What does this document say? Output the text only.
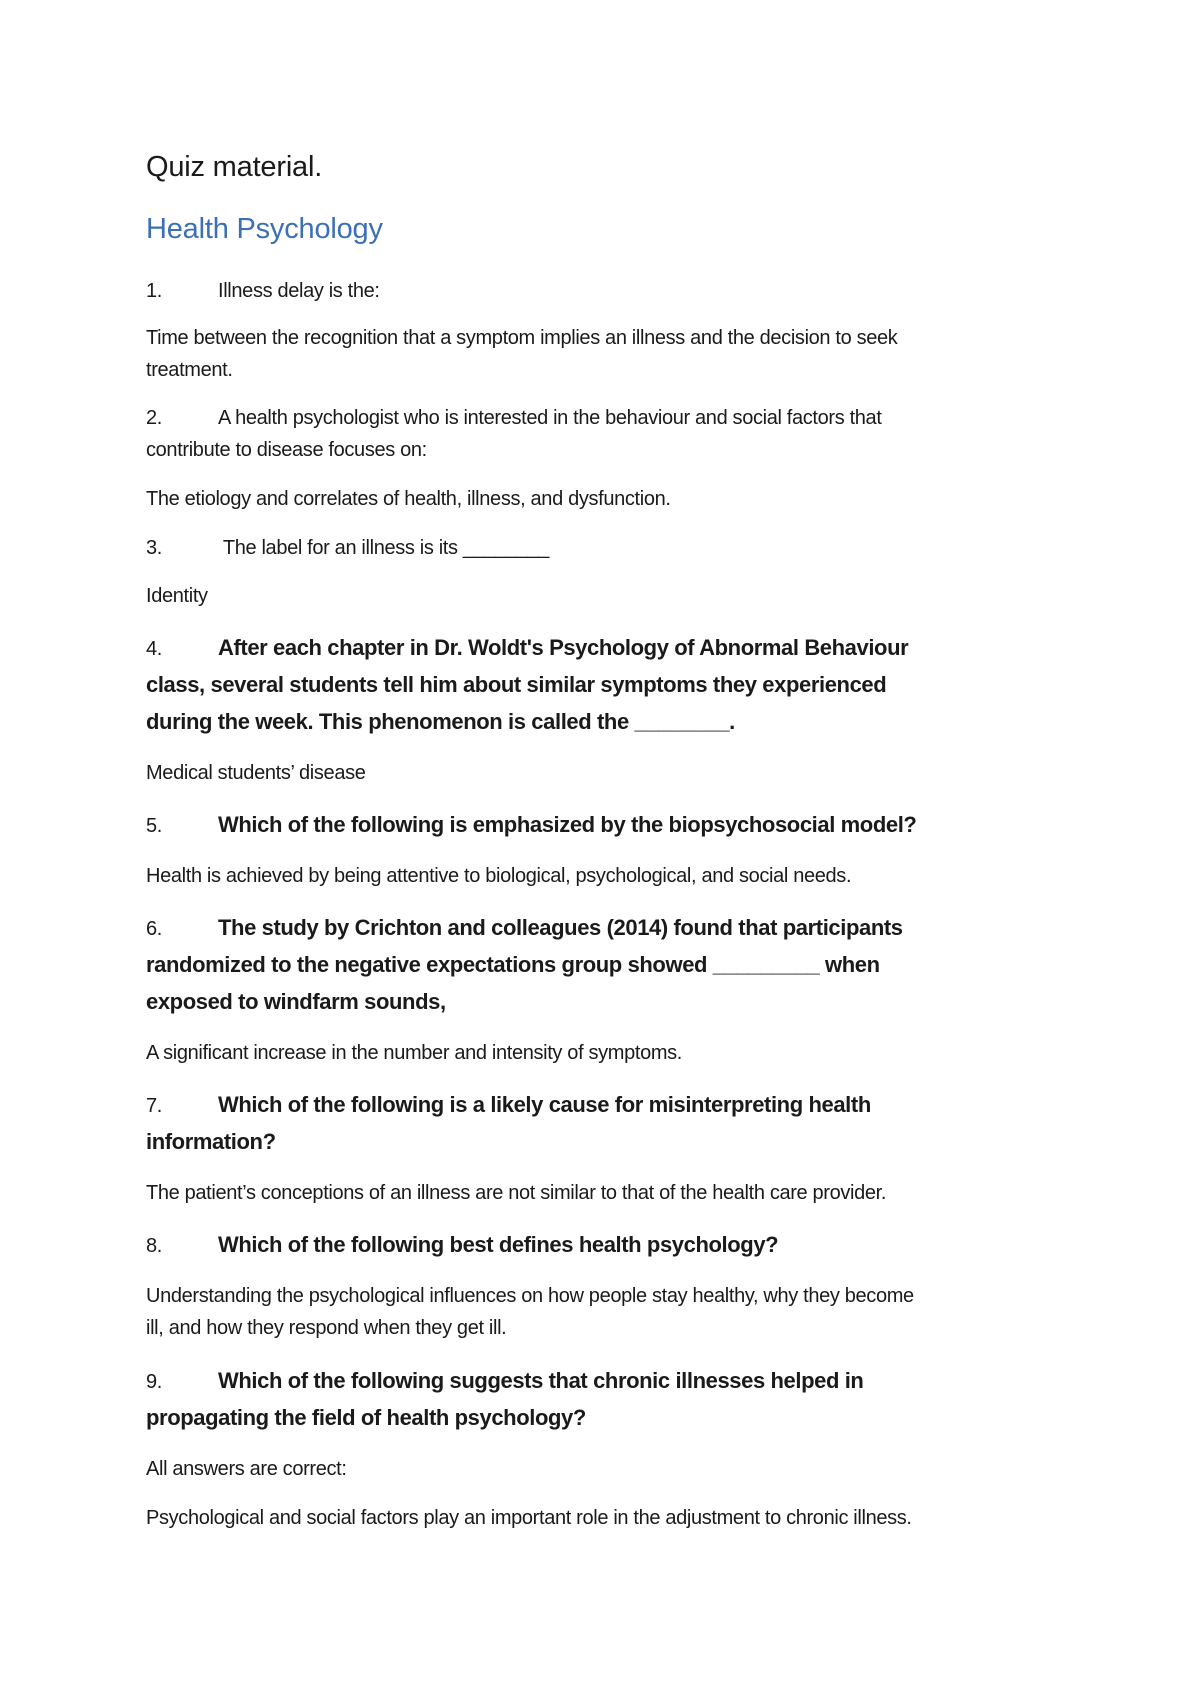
Quiz material.
Health Psychology
1.	Illness delay is the:
Time between the recognition that a symptom implies an illness and the decision to seek
treatment.
2.	A health psychologist who is interested in the behaviour and social factors that
contribute to disease focuses on:
The etiology and correlates of health, illness, and dysfunction.
3.	The label for an illness is its ________
Identity
4.	After each chapter in Dr. Woldt's Psychology of Abnormal Behaviour
class, several students tell him about similar symptoms they experienced
during the week. This phenomenon is called the ________.
Medical students’ disease
5.	Which of the following is emphasized by the biopsychosocial model?
Health is achieved by being attentive to biological, psychological, and social needs.
6.	The study by Crichton and colleagues (2014) found that participants
randomized to the negative expectations group showed _________ when
exposed to windfarm sounds,
A significant increase in the number and intensity of symptoms.
7.	Which of the following is a likely cause for misinterpreting health
information?
The patient’s conceptions of an illness are not similar to that of the health care provider.
8.	Which of the following best defines health psychology?
Understanding the psychological influences on how people stay healthy, why they become
ill, and how they respond when they get ill.
9.	Which of the following suggests that chronic illnesses helped in
propagating the field of health psychology?
All answers are correct:
Psychological and social factors play an important role in the adjustment to chronic illness.
